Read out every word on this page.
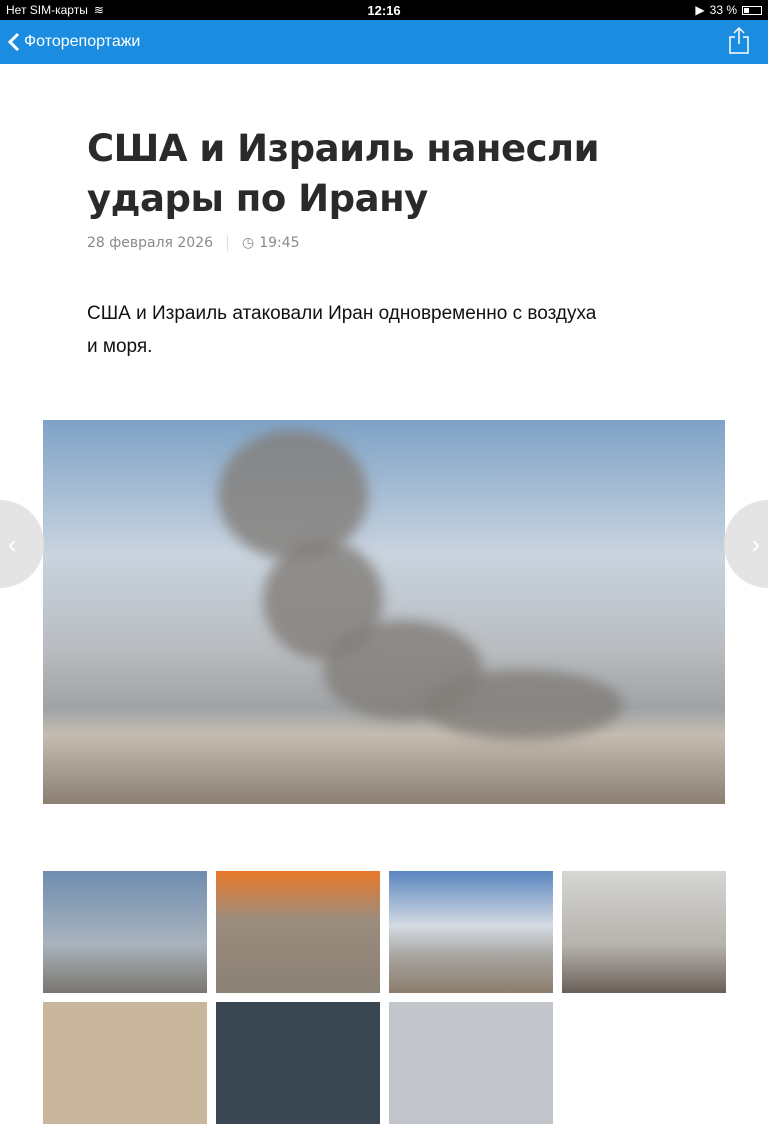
Нет SIM-карты ≋	12:16	▶ 33 %
Фоторепортажи
США и Израиль нанесли удары по Ирану
28 февраля 2026 ◷ 19:45

США и Израиль атаковали Иран одновременно с воздуха и моря.

‹	›
